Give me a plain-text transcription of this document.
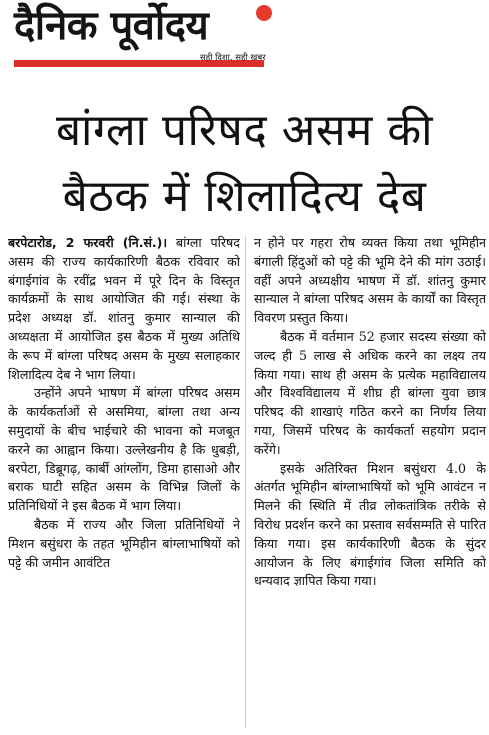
दैनिक पूर्वोदय
सही दिशा, सही खबर
बांग्ला परिषद असम की
बैठक में शिलादित्य देब

बरपेटारोड, 2 फरवरी (नि.सं.)। बांग्ला परिषद असम की राज्य कार्यकारिणी बैठक रविवार को बंगाईगांव के रवींद्र भवन में पूरे दिन के विस्तृत कार्यक्रमों के साथ आयोजित की गई। संस्था के प्रदेश अध्यक्ष डॉ. शांतनु कुमार सान्याल की अध्यक्षता में आयोजित इस बैठक में मुख्य अतिथि के रूप में बांग्ला परिषद असम के मुख्य सलाहकार शिलादित्य देब ने भाग लिया।

उन्होंने अपने भाषण में बांग्ला परिषद असम के कार्यकर्ताओं से असमिया, बांग्ला तथा अन्य समुदायों के बीच भाईचारे की भावना को मजबूत करने का आह्वान किया। उल्लेखनीय है कि धुबड़ी, बरपेटा, डिब्रूगढ़, कार्बी आंग्लोंग, डिमा हासाओ और बराक घाटी सहित असम के विभिन्न जिलों के प्रतिनिधियों ने इस बैठक में भाग लिया।

बैठक में राज्य और जिला प्रतिनिधियों ने मिशन बसुंधरा के तहत भूमिहीन बांग्लाभाषियों को पट्टे की जमीन आवंटित

न होने पर गहरा रोष व्यक्त किया तथा भूमिहीन बंगाली हिंदुओं को पट्टे की भूमि देने की मांग उठाई। वहीं अपने अध्यक्षीय भाषण में डॉ. शांतनु कुमार सान्याल ने बांग्ला परिषद असम के कार्यों का विस्तृत विवरण प्रस्तुत किया।

बैठक में वर्तमान 52 हजार सदस्य संख्या को जल्द ही 5 लाख से अधिक करने का लक्ष्य तय किया गया। साथ ही असम के प्रत्येक महाविद्यालय और विश्वविद्यालय में शीघ्र ही बांग्ला युवा छात्र परिषद की शाखाएं गठित करने का निर्णय लिया गया, जिसमें परिषद के कार्यकर्ता सहयोग प्रदान करेंगे।

इसके अतिरिक्त मिशन बसुंधरा 4.0 के अंतर्गत भूमिहीन बांग्लाभाषियों को भूमि आवंटन न मिलने की स्थिति में तीव्र लोकतांत्रिक तरीके से विरोध प्रदर्शन करने का प्रस्ताव सर्वसम्मति से पारित किया गया। इस कार्यकारिणी बैठक के सुंदर आयोजन के लिए बंगाईगांव जिला समिति को धन्यवाद ज्ञापित किया गया।
